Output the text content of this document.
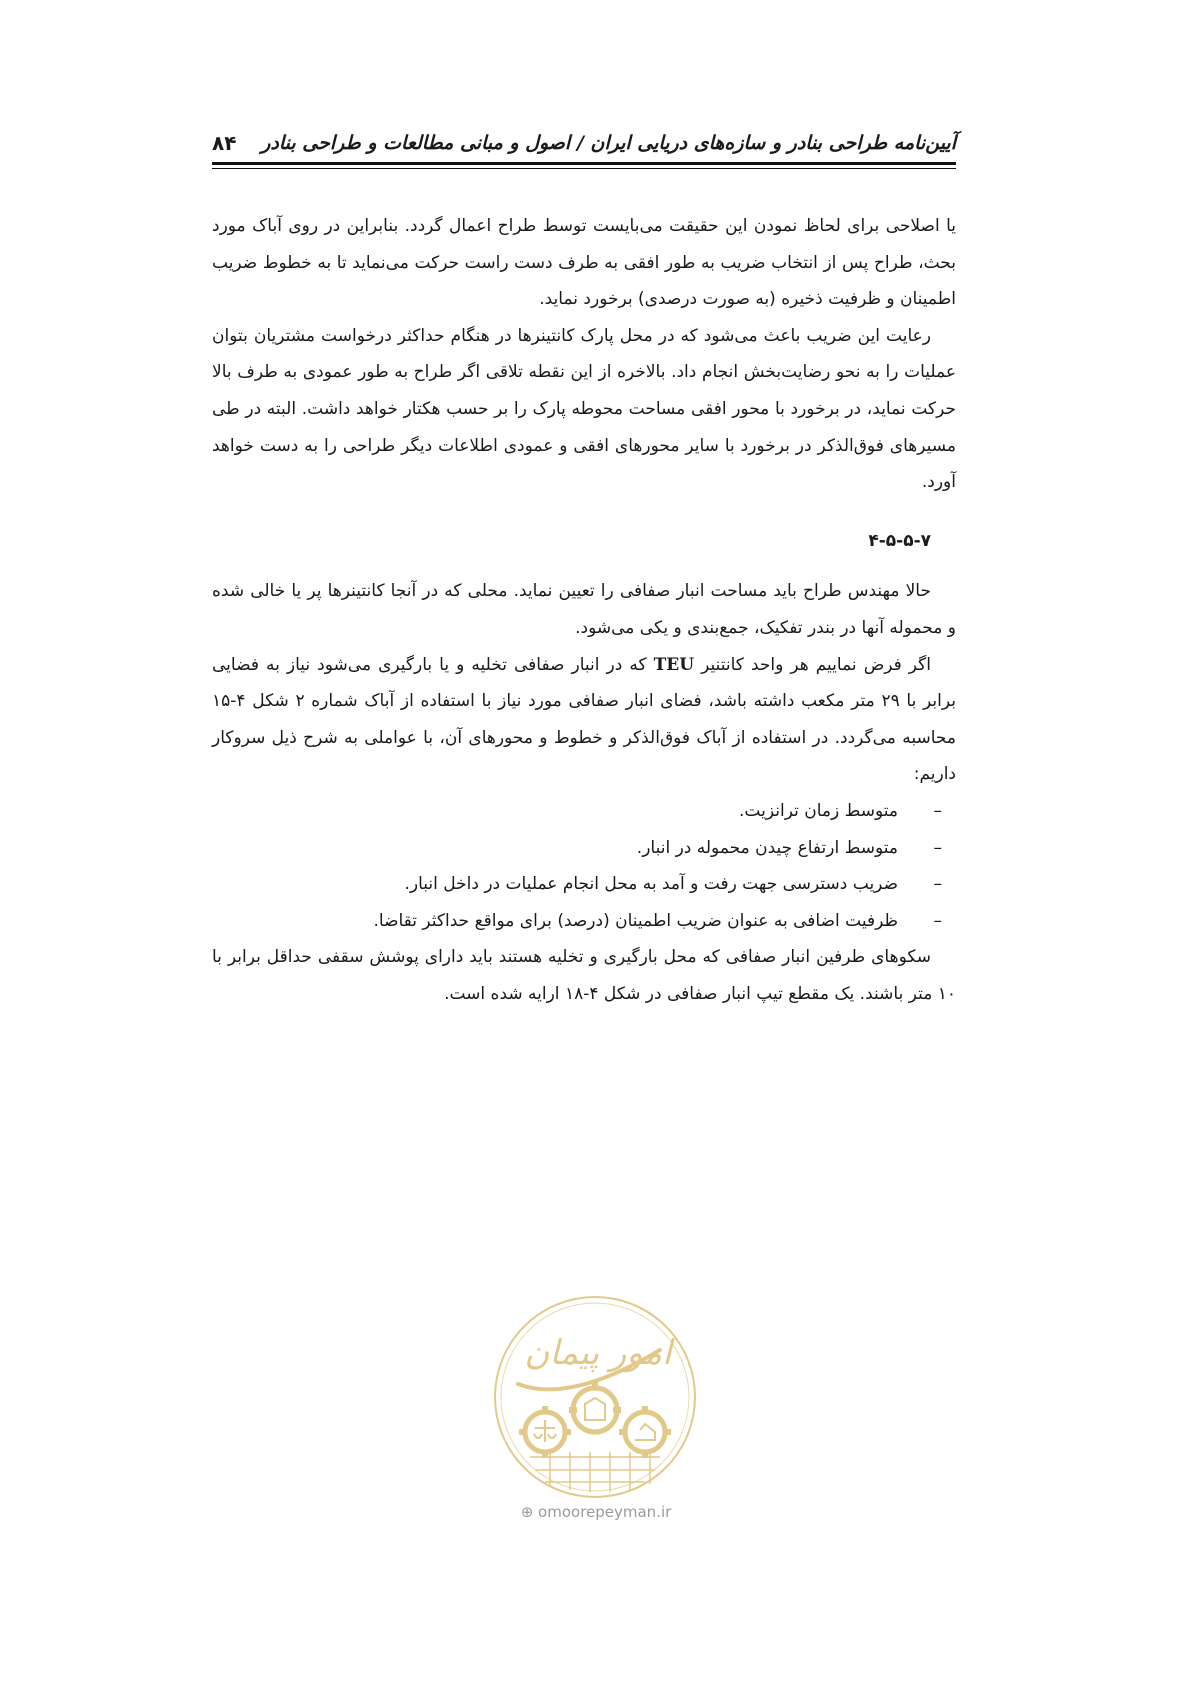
آیین‌نامه طراحی بنادر و سازه‌های دریایی ایران / اصول و مبانی مطالعات و طراحی بنادر
۸۴

یا اصلاحی برای لحاظ نمودن این حقیقت می‌بایست توسط طراح اعمال گردد. بنابراین در روی آباک مورد بحث، طراح پس از انتخاب ضریب به طور افقی به طرف دست راست حرکت می‌نماید تا به خطوط ضریب اطمینان و ظرفیت ذخیره (به صورت درصدی) برخورد نماید.

رعایت این ضریب باعث می‌شود که در محل پارک کانتینرها در هنگام حداکثر درخواست مشتریان بتوان عملیات را به نحو رضایت‌بخش انجام داد. بالاخره از این نقطه تلاقی اگر طراح به طور عمودی به طرف بالا حرکت نماید، در برخورد با محور افقی مساحت محوطه پارک را بر حسب هکتار خواهد داشت. البته در طی مسیرهای فوق‌الذکر در برخورد با سایر محورهای افقی و عمودی اطلاعات دیگر طراحی را به دست خواهد آورد.

۴-۵-۵-۷

حالا مهندس طراح باید مساحت انبار صفافی را تعیین نماید. محلی که در آنجا کانتینرها پر یا خالی شده و محموله آنها در بندر تفکیک، جمع‌بندی و یکی می‌شود.

اگر فرض نماییم هر واحد کانتنیر TEU که در انبار صفافی تخلیه و یا بارگیری می‌شود نیاز به فضایی برابر با ۲۹ متر مکعب داشته باشد، فضای انبار صفافی مورد نیاز با استفاده از آباک شماره ۲ شکل ۴-۱۵ محاسبه می‌گردد. در استفاده از آباک فوق‌الذکر و خطوط و محورهای آن، با عواملی به شرح ذیل سروکار داریم:

–
متوسط زمان ترانزیت.
–
متوسط ارتفاع چیدن محموله در انبار.
–
ضریب دسترسی جهت رفت و آمد به محل انجام عملیات در داخل انبار.
–
ظرفیت اضافی به عنوان ضریب اطمینان (درصد) برای مواقع حداکثر تقاضا.

سکوهای طرفین انبار صفافی که محل بارگیری و تخلیه هستند باید دارای پوشش سقفی حداقل برابر با ۱۰ متر باشند. یک مقطع تیپ انبار صفافی در شکل ۴-۱۸ ارایه شده است.

امور پیمان
⊕ omoorepeyman.ir
